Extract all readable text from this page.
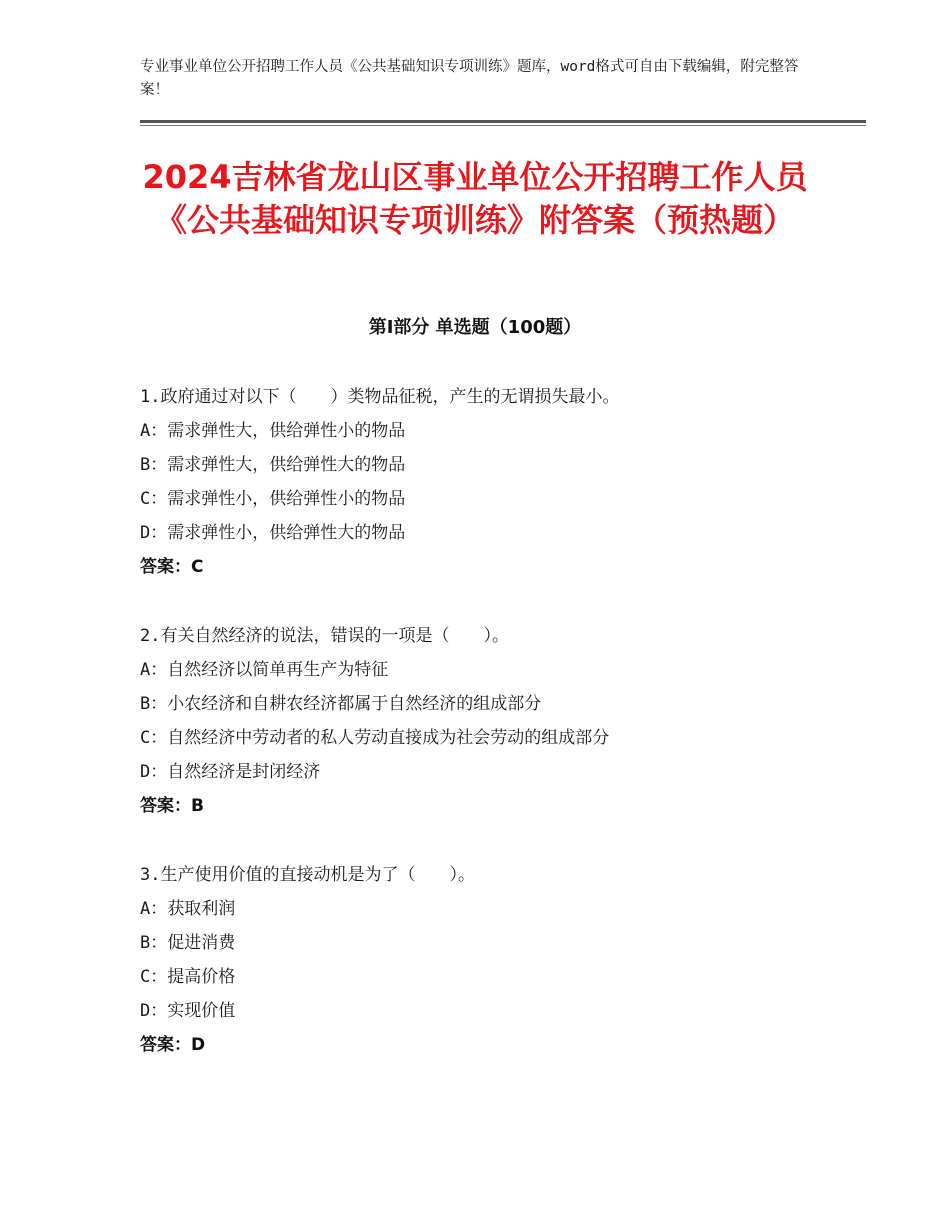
专业事业单位公开招聘工作人员《公共基础知识专项训练》题库，word格式可自由下载编辑，附完整答案！
2024吉林省龙山区事业单位公开招聘工作人员《公共基础知识专项训练》附答案（预热题）
第Ⅰ部分 单选题（100题）
1.政府通过对以下（　　）类物品征税，产生的无谓损失最小。
A：需求弹性大，供给弹性小的物品
B：需求弹性大，供给弹性大的物品
C：需求弹性小，供给弹性小的物品
D：需求弹性小，供给弹性大的物品
答案：C
2.有关自然经济的说法，错误的一项是（　　）。
A：自然经济以简单再生产为特征
B：小农经济和自耕农经济都属于自然经济的组成部分
C：自然经济中劳动者的私人劳动直接成为社会劳动的组成部分
D：自然经济是封闭经济
答案：B
3.生产使用价值的直接动机是为了（　　）。
A：获取利润
B：促进消费
C：提高价格
D：实现价值
答案：D
